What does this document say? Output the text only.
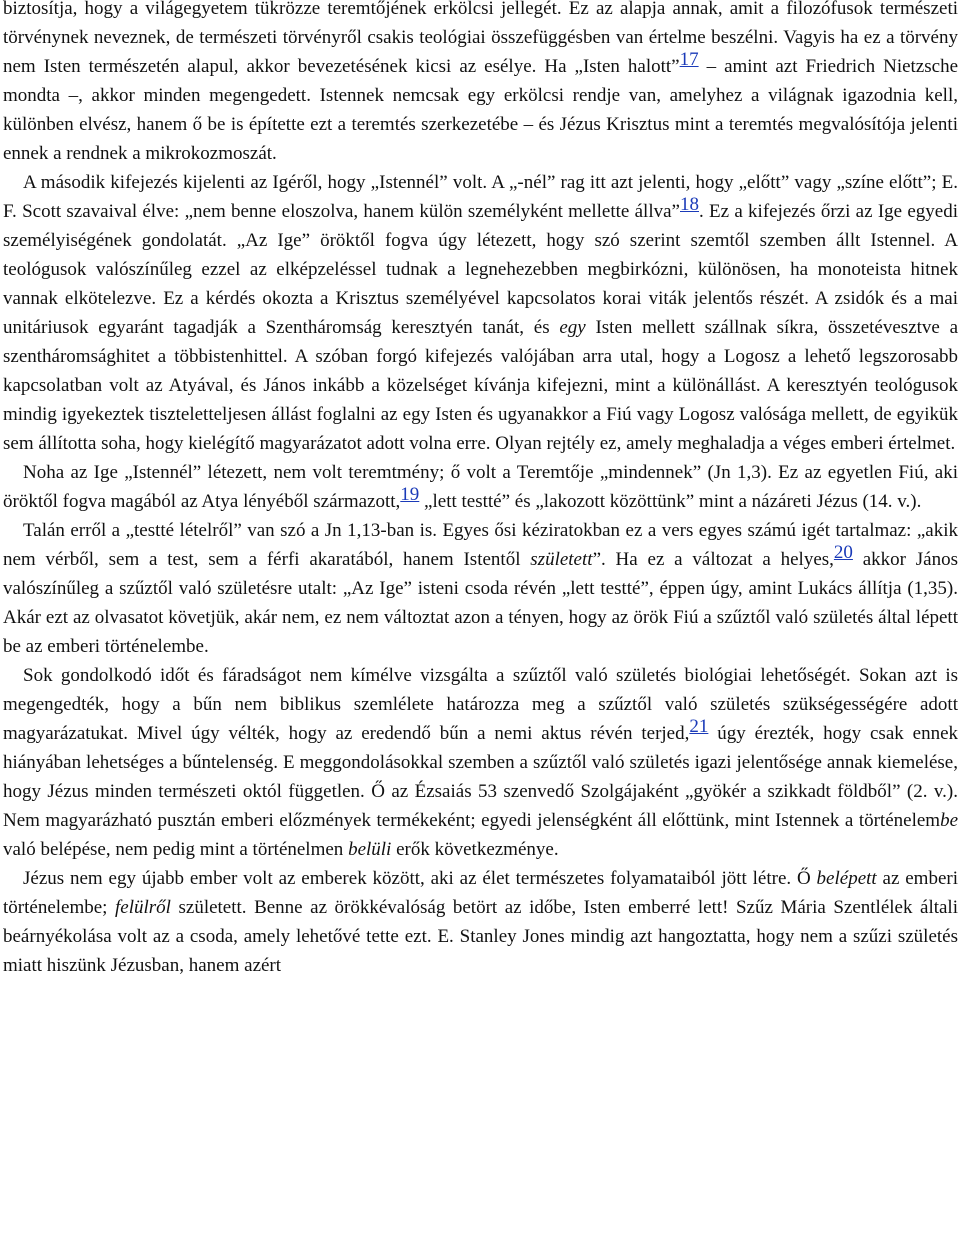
biztosítja, hogy a világegyetem tükrözze teremtőjének erkölcsi jellegét. Ez az alapja annak, amit a filozófusok természeti törvénynek neveznek, de természeti törvényről csakis teológiai összefüggésben van értelme beszélni. Vagyis ha ez a törvény nem Isten természetén alapul, akkor bevezetésének kicsi az esélye. Ha „Isten halott”17 – amint azt Friedrich Nietzsche mondta –, akkor minden megengedett. Istennek nemcsak egy erkölcsi rendje van, amelyhez a világnak igazodnia kell, különben elvész, hanem ő be is építette ezt a teremtés szerkezetébe – és Jézus Krisztus mint a teremtés megvalósítója jelenti ennek a rendnek a mikrokozmoszát.

A második kifejezés kijelenti az Igéről, hogy „Istennél” volt. A „-nél” rag itt azt jelenti, hogy „előtt” vagy „színe előtt”; E. F. Scott szavaival élve: „nem benne eloszolva, hanem külön személyként mellette állva”18. Ez a kifejezés őrzi az Ige egyedi személyiségének gondolatát. „Az Ige” öröktől fogva úgy létezett, hogy szó szerint szemtől szemben állt Istennel. A teológusok valószínűleg ezzel az elképzeléssel tudnak a legnehezebben megbirkózni, különösen, ha monoteista hitnek vannak elkötelezve. Ez a kérdés okozta a Krisztus személyével kapcsolatos korai viták jelentős részét. A zsidók és a mai unitáriusok egyaránt tagadják a Szentháromság keresztyén tanát, és egy Isten mellett szállnak síkra, összetévesztve a szentháromsághitet a többistenhittel. A szóban forgó kifejezés valójában arra utal, hogy a Logosz a lehető legszorosabb kapcsolatban volt az Atyával, és János inkább a közelséget kívánja kifejezni, mint a különállást. A keresztyén teológusok mindig igyekeztek tiszteletteljesen állást foglalni az egy Isten és ugyanakkor a Fiú vagy Logosz valósága mellett, de egyikük sem állította soha, hogy kielégítő magyarázatot adott volna erre. Olyan rejtély ez, amely meghaladja a véges emberi értelmet.

Noha az Ige „Istennél” létezett, nem volt teremtmény; ő volt a Teremtője „mindennek” (Jn 1,3). Ez az egyetlen Fiú, aki öröktől fogva magából az Atya lényéből származott,19 „lett testté” és „lakozott közöttünk” mint a názáreti Jézus (14. v.).

Talán erről a „testté lételről” van szó a Jn 1,13-ban is. Egyes ősi kéziratokban ez a vers egyes számú igét tartalmaz: „akik nem vérből, sem a test, sem a férfi akaratából, hanem Istentől született”. Ha ez a változat a helyes,20 akkor János valószínűleg a szűztől való születésre utalt: „Az Ige” isteni csoda révén „lett testté”, éppen úgy, amint Lukács állítja (1,35). Akár ezt az olvasatot követjük, akár nem, ez nem változtat azon a tényen, hogy az örök Fiú a szűztől való születés által lépett be az emberi történelembe.

Sok gondolkodó időt és fáradságot nem kímélve vizsgálta a szűztől való születés biológiai lehetőségét. Sokan azt is megengedték, hogy a bűn nem biblikus szemlélete határozza meg a szűztől való születés szükségességére adott magyarázatukat. Mivel úgy vélték, hogy az eredendő bűn a nemi aktus révén terjed,21 úgy érezték, hogy csak ennek hiányában lehetséges a bűntelenség. E meggondolásokkal szemben a szűztől való születés igazi jelentősége annak kiemelése, hogy Jézus minden természeti októl független. Ő az Ézsaiás 53 szenvedő Szolgájaként „gyökér a szikkadt földből” (2. v.). Nem magyarázható pusztán emberi előzmények termékeként; egyedi jelenségként áll előttünk, mint Istennek a történelembe való belépése, nem pedig mint a történelmen belüli erők következménye.

Jézus nem egy újabb ember volt az emberek között, aki az élet természetes folyamataiból jött létre. Ő belépett az emberi történelembe; felülről született. Benne az örökkévalóság betört az időbe, Isten emberré lett! Szűz Mária Szentlélek általi beárnyékolása volt az a csoda, amely lehetővé tette ezt. E. Stanley Jones mindig azt hangoztatta, hogy nem a szűzi születés miatt hiszünk Jézusban, hanem azért
